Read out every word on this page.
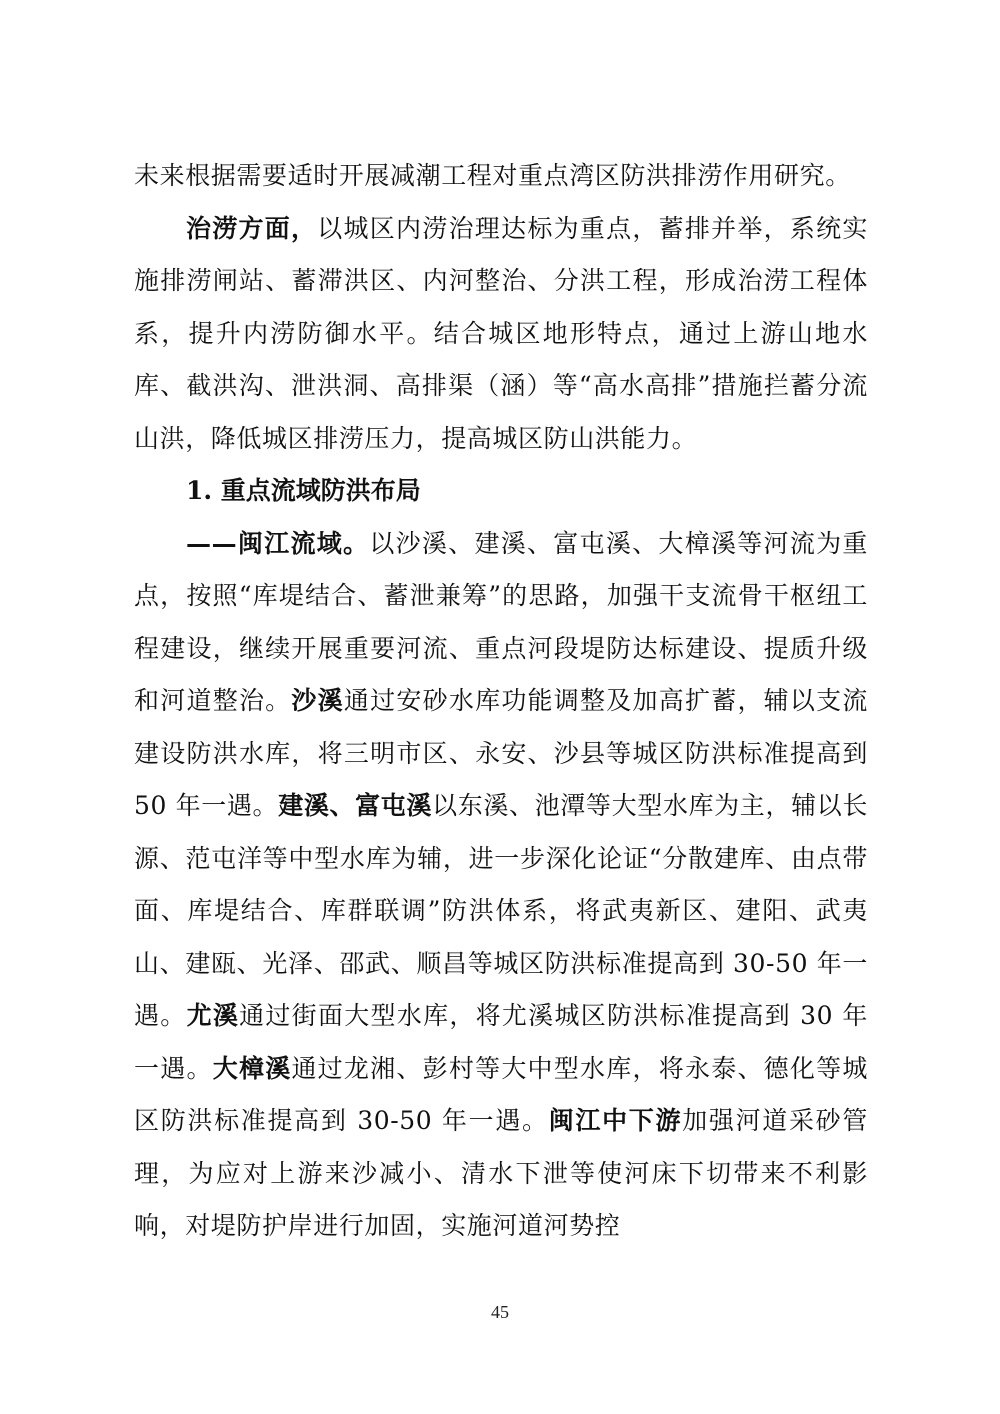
未来根据需要适时开展减潮工程对重点湾区防洪排涝作用研究。

治涝方面，以城区内涝治理达标为重点，蓄排并举，系统实施排涝闸站、蓄滞洪区、内河整治、分洪工程，形成治涝工程体系，提升内涝防御水平。结合城区地形特点，通过上游山地水库、截洪沟、泄洪洞、高排渠（涵）等“高水高排”措施拦蓄分流山洪，降低城区排涝压力，提高城区防山洪能力。

1. 重点流域防洪布局

——闽江流域。以沙溪、建溪、富屯溪、大樟溪等河流为重点，按照“库堤结合、蓄泄兼筹”的思路，加强干支流骨干枢纽工程建设，继续开展重要河流、重点河段堤防达标建设、提质升级和河道整治。沙溪通过安砂水库功能调整及加高扩蓄，辅以支流建设防洪水库，将三明市区、永安、沙县等城区防洪标准提高到 50 年一遇。建溪、富屯溪以东溪、池潭等大型水库为主，辅以长源、范屯洋等中型水库为辅，进一步深化论证“分散建库、由点带面、库堤结合、库群联调”防洪体系，将武夷新区、建阳、武夷山、建瓯、光泽、邵武、顺昌等城区防洪标准提高到 30-50 年一遇。尤溪通过街面大型水库，将尤溪城区防洪标准提高到 30 年一遇。大樟溪通过龙湘、彭村等大中型水库，将永泰、德化等城区防洪标准提高到 30-50 年一遇。闽江中下游加强河道采砂管理，为应对上游来沙减小、清水下泄等使河床下切带来不利影响，对堤防护岸进行加固，实施河道河势控

45
